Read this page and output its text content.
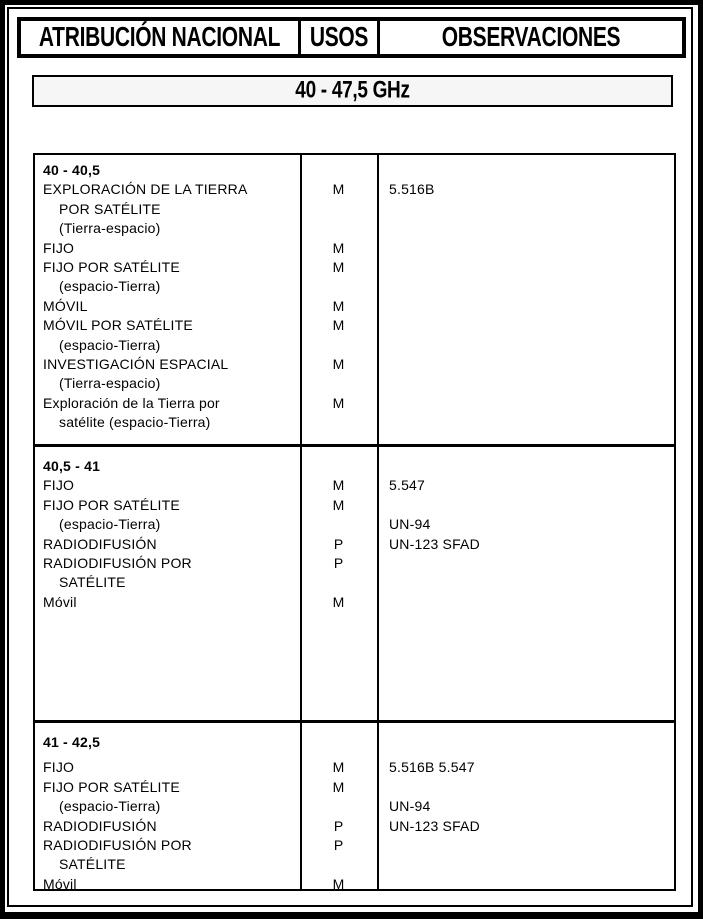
ATRIBUCIÓN NACIONAL USOS	OBSERVACIONES
40 - 47,5 GHz
40 - 40,5
EXPLORACIÓN DE LA TIERRA	M	5.516B
POR SATÉLITE
(Tierra-espacio)
FIJO	M
FIJO POR SATÉLITE	M
(espacio-Tierra)
MÓVIL	M
MÓVIL POR SATÉLITE	M
(espacio-Tierra)
INVESTIGACIÓN ESPACIAL	M
(Tierra-espacio)
Exploración de la Tierra por	M
satélite (espacio-Tierra)
40,5 - 41
FIJO	M	5.547
FIJO POR SATÉLITE	M
(espacio-Tierra)	UN-94
RADIODIFUSIÓN	P	UN-123 SFAD
RADIODIFUSIÓN POR	P
SATÉLITE
Móvil	M
41 - 42,5
FIJO	M	5.516B 5.547
FIJO POR SATÉLITE	M
(espacio-Tierra)	UN-94
RADIODIFUSIÓN	P	UN-123 SFAD
RADIODIFUSIÓN POR	P
SATÉLITE
Móvil	M
